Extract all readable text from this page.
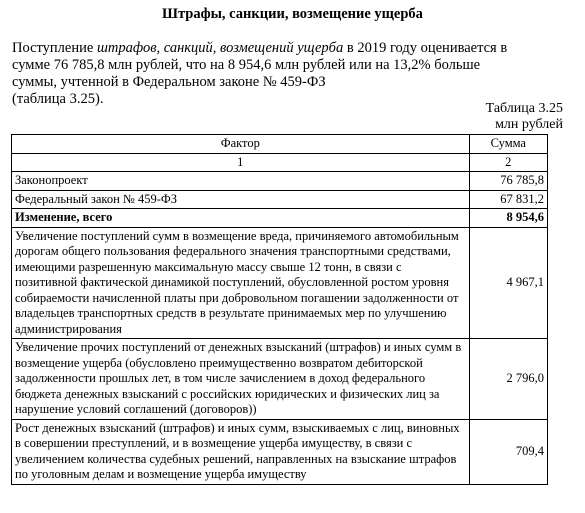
Штрафы, санкции, возмещение ущерба
Поступление штрафов, санкций, возмещений ущерба в 2019 году оценивается в сумме 76 785,8 млн рублей, что на 8 954,6 млн рублей или на 13,2% больше суммы, учтенной в Федеральном законе № 459-ФЗ
(таблица 3.25).
Таблица 3.25
млн рублей
Фактор	Сумма
1	2
Законопроект	76 785,8
Федеральный закон № 459-ФЗ	67 831,2
Изменение, всего	8 954,6
Увеличение поступлений сумм в возмещение вреда, причиняемого автомобильным дорогам общего пользования федерального значения транспортными средствами, имеющими разрешенную максимальную массу свыше 12 тонн, в связи с позитивной фактической динамикой поступлений, обусловленной ростом уровня собираемости начисленной платы при добровольном погашении задолженности от владельцев транспортных средств в результате принимаемых мер по улучшению администрирования	4 967,1
Увеличение прочих поступлений от денежных взысканий (штрафов) и иных сумм в возмещение ущерба (обусловлено преимущественно возвратом дебиторской задолженности прошлых лет, в том числе зачислением в доход федерального бюджета денежных взысканий с российских юридических и физических лиц за нарушение условий соглашений (договоров))	2 796,0
Рост денежных взысканий (штрафов) и иных сумм, взыскиваемых с лиц, виновных в совершении преступлений, и в возмещение ущерба имуществу, в связи с увеличением количества судебных решений, направленных на взыскание штрафов по уголовным делам и возмещение ущерба имуществу	709,4
